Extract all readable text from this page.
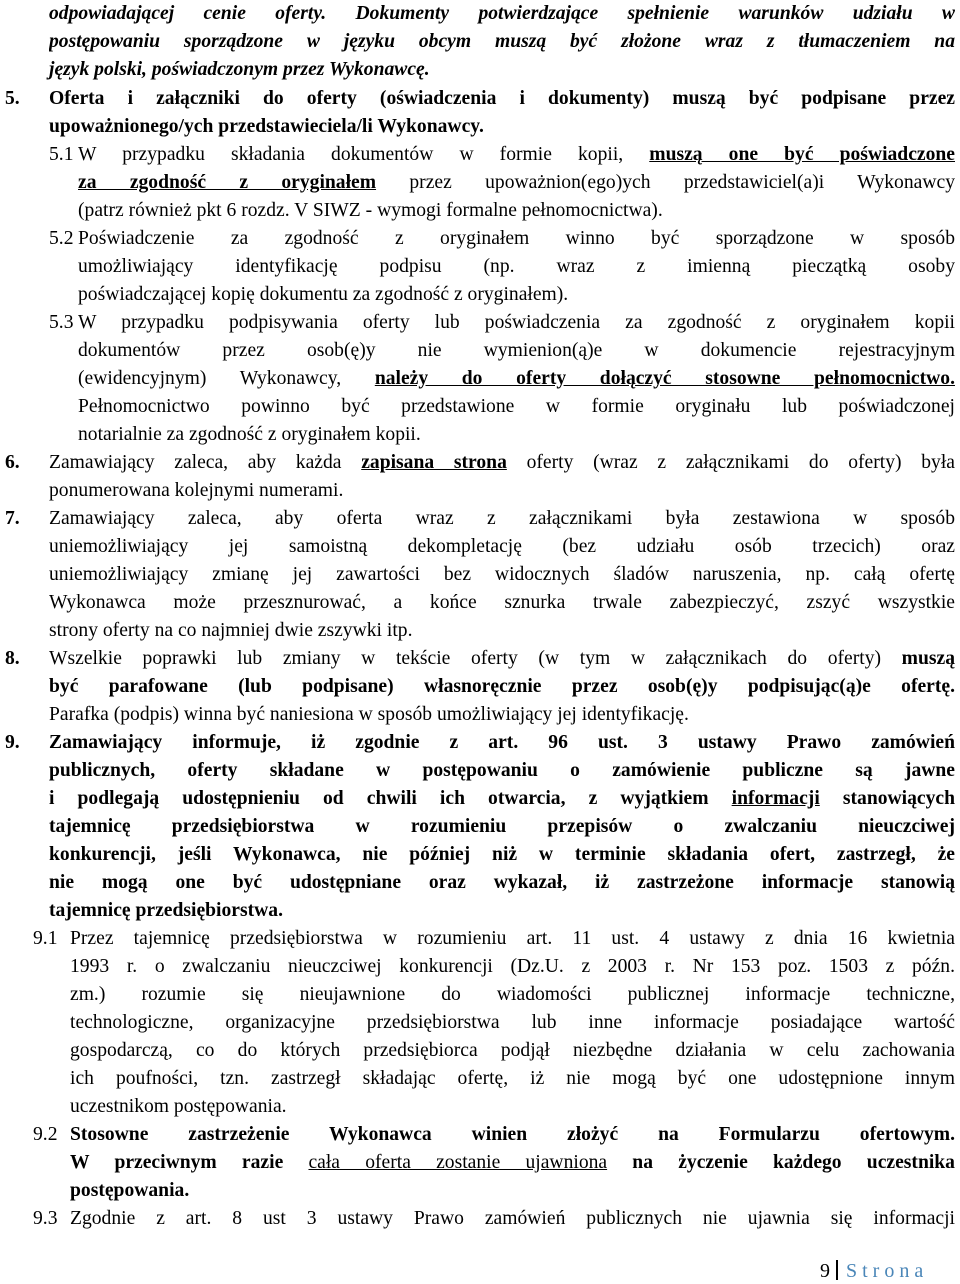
odpowiadającej cenie oferty. Dokumenty potwierdzające spełnienie warunków udziału w
postępowaniu sporządzone w języku obcym muszą być złożone wraz z tłumaczeniem na
język polski, poświadczonym przez Wykonawcę.
5. Oferta i załączniki do oferty (oświadczenia i dokumenty) muszą być podpisane przez
upoważnionego/ych przedstawieciela/li Wykonawcy.
5.1 W przypadku składania dokumentów w formie kopii, muszą one być poświadczone
za zgodność z oryginałem przez upoważnion(ego)ych przedstawiciel(a)i Wykonawcy
(patrz również pkt 6 rozdz. V SIWZ - wymogi formalne pełnomocnictwa).
5.2 Poświadczenie za zgodność z oryginałem winno być sporządzone w sposób
umożliwiający identyfikację podpisu (np. wraz z imienną pieczątką osoby
poświadczającej kopię dokumentu za zgodność z oryginałem).
5.3 W przypadku podpisywania oferty lub poświadczenia za zgodność z oryginałem kopii
dokumentów przez osob(ę)y nie wymienion(ą)e w dokumencie rejestracyjnym
(ewidencyjnym) Wykonawcy, należy do oferty dołączyć stosowne pełnomocnictwo.
Pełnomocnictwo powinno być przedstawione w formie oryginału lub poświadczonej
notarialnie za zgodność z oryginałem kopii.
6. Zamawiający zaleca, aby każda zapisana strona oferty (wraz z załącznikami do oferty) była
ponumerowana kolejnymi numerami.
7. Zamawiający zaleca, aby oferta wraz z załącznikami była zestawiona w sposób
uniemożliwiający jej samoistną dekompletację (bez udziału osób trzecich) oraz
uniemożliwiający zmianę jej zawartości bez widocznych śladów naruszenia, np. całą ofertę
Wykonawca może przesznurować, a końce sznurka trwale zabezpieczyć, zszyć wszystkie
strony oferty na co najmniej dwie zszywki itp.
8. Wszelkie poprawki lub zmiany w tekście oferty (w tym w załącznikach do oferty) muszą
być parafowane (lub podpisane) własnoręcznie przez osob(ę)y podpisując(ą)e ofertę.
Parafka (podpis) winna być naniesiona w sposób umożliwiający jej identyfikację.
9. Zamawiający informuje, iż zgodnie z art. 96 ust. 3 ustawy Prawo zamówień
publicznych, oferty składane w postępowaniu o zamówienie publiczne są jawne
i podlegają udostępnieniu od chwili ich otwarcia, z wyjątkiem informacji stanowiących
tajemnicę przedsiębiorstwa w rozumieniu przepisów o zwalczaniu nieuczciwej
konkurencji, jeśli Wykonawca, nie później niż w terminie składania ofert, zastrzegł, że
nie mogą one być udostępniane oraz wykazał, iż zastrzeżone informacje stanowią
tajemnicę przedsiębiorstwa.
9.1 Przez tajemnicę przedsiębiorstwa w rozumieniu art. 11 ust. 4 ustawy z dnia 16 kwietnia
1993 r. o zwalczaniu nieuczciwej konkurencji (Dz.U. z 2003 r. Nr 153 poz. 1503 z późn.
zm.) rozumie się nieujawnione do wiadomości publicznej informacje techniczne,
technologiczne, organizacyjne przedsiębiorstwa lub inne informacje posiadające wartość
gospodarczą, co do których przedsiębiorca podjął niezbędne działania w celu zachowania
ich poufności, tzn. zastrzegł składając ofertę, iż nie mogą być one udostępnione innym
uczestnikom postępowania.
9.2 Stosowne zastrzeżenie Wykonawca winien złożyć na Formularzu ofertowym.
W przeciwnym razie cała oferta zostanie ujawniona na życzenie każdego uczestnika
postępowania.
9.3 Zgodnie z art. 8 ust 3 ustawy Prawo zamówień publicznych nie ujawnia się informacji
9 Strona
